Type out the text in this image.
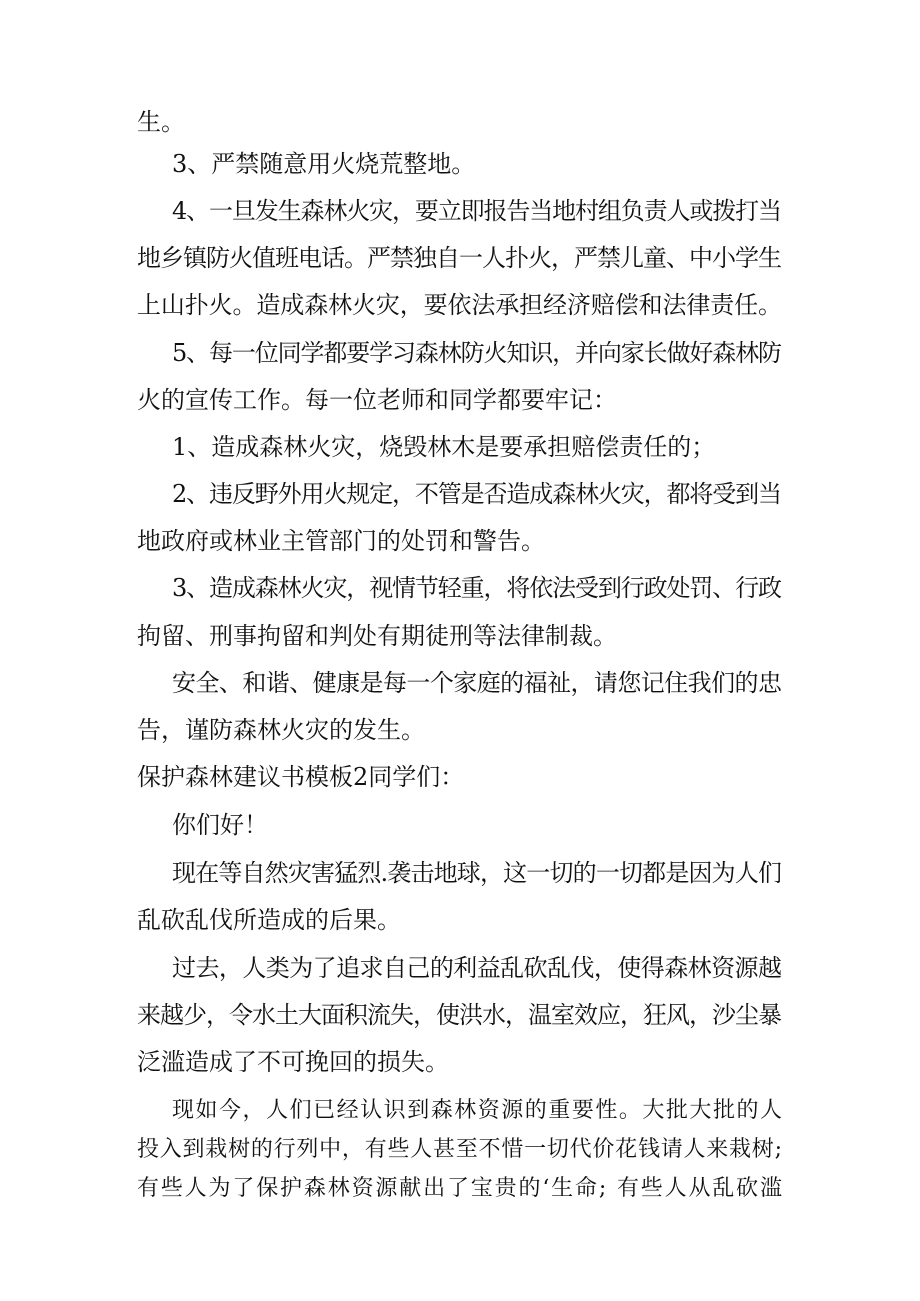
生。
3、严禁随意用火烧荒整地。
4、一旦发生森林火灾，要立即报告当地村组负责人或拨打当
地乡镇防火值班电话。严禁独自一人扑火，严禁儿童、中小学生
上山扑火。造成森林火灾，要依法承担经济赔偿和法律责任。
5、每一位同学都要学习森林防火知识，并向家长做好森林防
火的宣传工作。每一位老师和同学都要牢记：
1、造成森林火灾，烧毁林木是要承担赔偿责任的；
2、违反野外用火规定，不管是否造成森林火灾，都将受到当
地政府或林业主管部门的处罚和警告。
3、造成森林火灾，视情节轻重，将依法受到行政处罚、行政
拘留、刑事拘留和判处有期徒刑等法律制裁。
安全、和谐、健康是每一个家庭的福祉，请您记住我们的忠
告，谨防森林火灾的发生。
保护森林建议书模板2同学们：
你们好！
现在等自然灾害猛烈.袭击地球，这一切的一切都是因为人们
乱砍乱伐所造成的后果。
过去，人类为了追求自己的利益乱砍乱伐，使得森林资源越
来越少，令水土大面积流失，使洪水，温室效应，狂风，沙尘暴
泛滥造成了不可挽回的损失。
现如今，人们已经认识到森林资源的重要性。大批大批的人
投入到栽树的行列中，有些人甚至不惜一切代价花钱请人来栽树;
有些人为了保护森林资源献出了宝贵的‘生命; 有些人从乱砍滥
